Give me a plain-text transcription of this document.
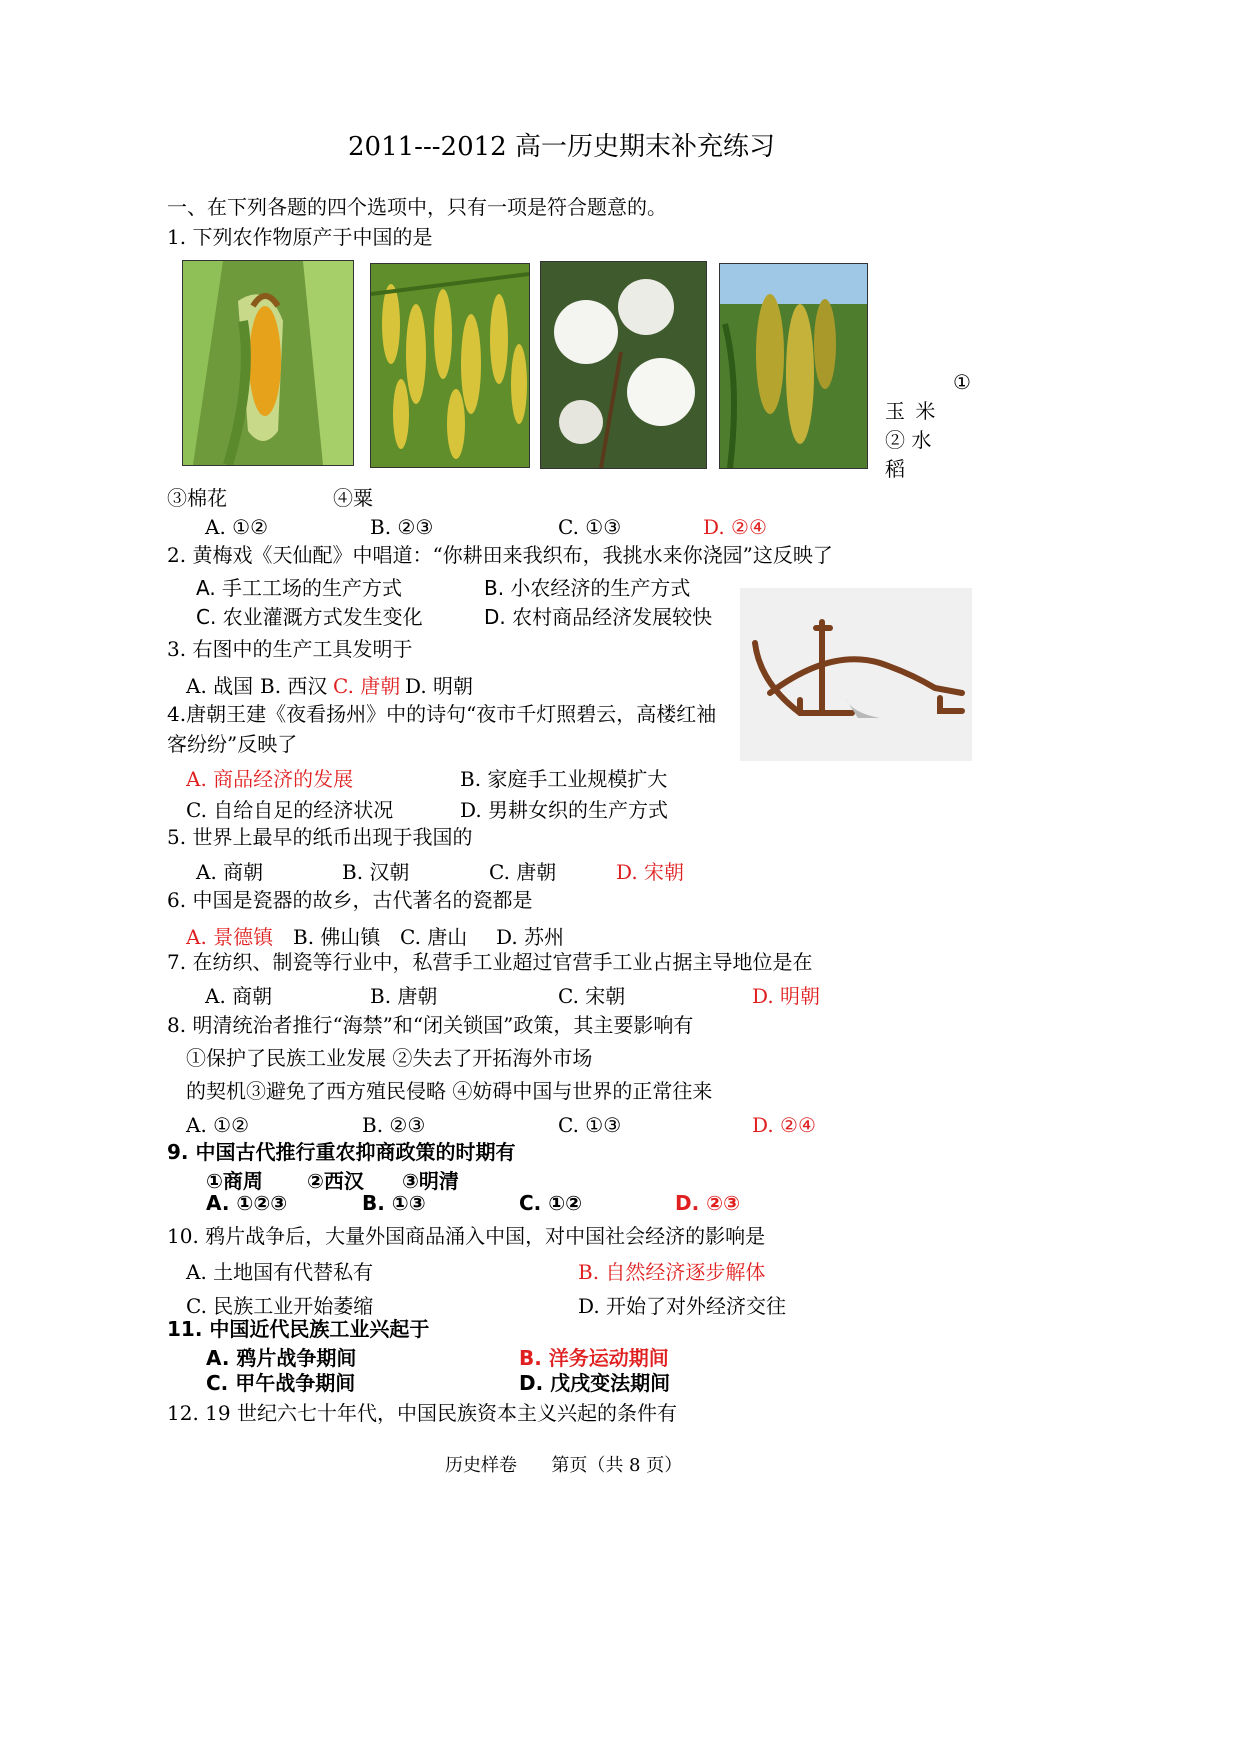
2011---2012 高一历史期末补充练习
一、在下列各题的四个选项中，只有一项是符合题意的。
1. 下列农作物原产于中国的是
①
玉 米
② 水
稻
③棉花	④粟
A. ①②	B. ②③	C. ①③	D. ②④
2. 黄梅戏《天仙配》中唱道：“你耕田来我织布，我挑水来你浇园”这反映了
A. 手工工场的生产方式	B. 小农经济的生产方式
C. 农业灌溉方式发生变化	D. 农村商品经济发展较快
3. 右图中的生产工具发明于
A. 战国 B. 西汉 C. 唐朝 D. 明朝
4.唐朝王建《夜看扬州》中的诗句“夜市千灯照碧云，高楼红袖
客纷纷”反映了
A. 商品经济的发展	B. 家庭手工业规模扩大
C. 自给自足的经济状况	D. 男耕女织的生产方式
5. 世界上最早的纸币出现于我国的
A. 商朝	B. 汉朝	C. 唐朝	D. 宋朝
6. 中国是瓷器的故乡，古代著名的瓷都是
A. 景德镇 B. 佛山镇 C. 唐山 D. 苏州
7. 在纺织、制瓷等行业中，私营手工业超过官营手工业占据主导地位是在
A. 商朝	B. 唐朝	C. 宋朝	D. 明朝
8. 明清统治者推行“海禁”和“闭关锁国”政策，其主要影响有
①保护了民族工业发展 ②失去了开拓海外市场
的契机③避免了西方殖民侵略 ④妨碍中国与世界的正常往来
A. ①②	B. ②③	C. ①③	D. ②④
9. 中国古代推行重农抑商政策的时期有
①商周 ②西汉 ③明清
A. ①②③	B. ①③	C. ①②	D. ②③
10. 鸦片战争后，大量外国商品涌入中国，对中国社会经济的影响是
A. 土地国有代替私有	B. 自然经济逐步解体
C. 民族工业开始萎缩	D. 开始了对外经济交往
11. 中国近代民族工业兴起于
A. 鸦片战争期间	B. 洋务运动期间
C. 甲午战争期间	D. 戊戌变法期间
12. 19 世纪六七十年代，中国民族资本主义兴起的条件有
历史样卷      第页（共 8 页）
